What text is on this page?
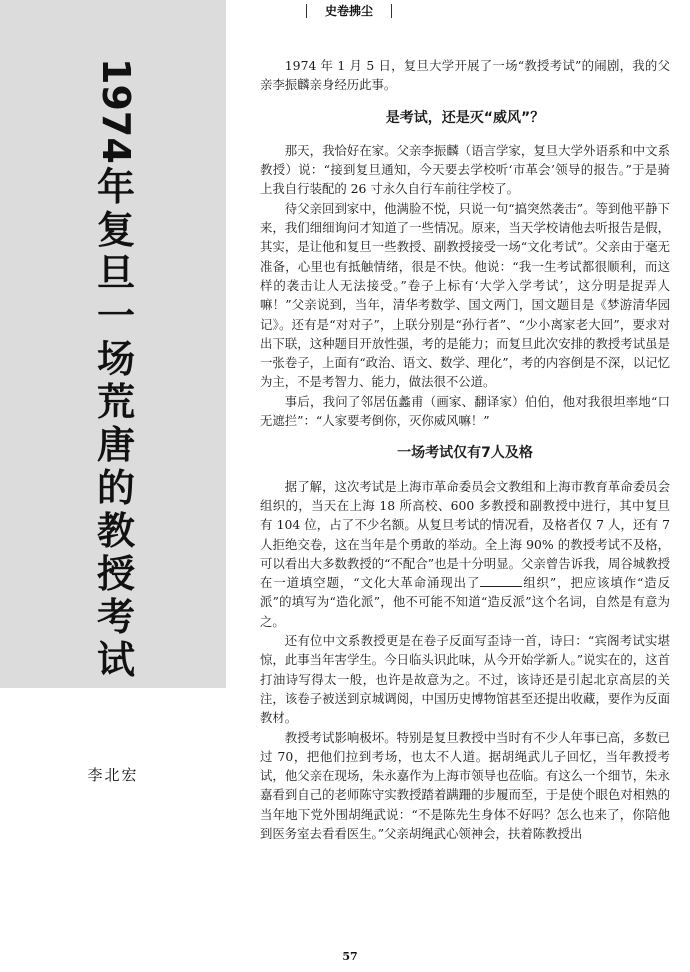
1974
年
复
旦
一
场
荒
唐
的
教
授
考
试
李北宏
史卷拂尘

1974 年 1 月 5 日，复旦大学开展了一场“教授考试”的闹剧，我的父亲李振麟亲身经历此事。

是考试，还是灭“威风”？

那天，我恰好在家。父亲李振麟（语言学家，复旦大学外语系和中文系教授）说：“接到复旦通知，今天要去学校听‘市革会’领导的报告。”于是骑上我自行装配的 26 寸永久自行车前往学校了。

待父亲回到家中，他满脸不悦，只说一句“搞突然袭击”。等到他平静下来，我们细细询问才知道了一些情况。原来，当天学校请他去听报告是假，其实，是让他和复旦一些教授、副教授接受一场“文化考试”。父亲由于毫无准备，心里也有抵触情绪，很是不快。他说：“我一生考试都很顺利，而这样的袭击让人无法接受。”卷子上标有‘大学入学考试’，这分明是捉弄人嘛！”父亲说到，当年，清华考数学、国文两门，国文题目是《梦游清华园记》。还有是“对对子”，上联分别是“孙行者”、“少小离家老大回”，要求对出下联，这种题目开放性强，考的是能力；而复旦此次安排的教授考试虽是一张卷子，上面有“政治、语文、数学、理化”，考的内容倒是不深，以记忆为主，不是考智力、能力，做法很不公道。

事后，我问了邻居伍蠡甫（画家、翻译家）伯伯，他对我很坦率地“口无遮拦”：“人家要考倒你，灭你威风嘛！”

一场考试仅有7人及格

据了解，这次考试是上海市革命委员会文教组和上海市教育革命委员会组织的，当天在上海 18 所高校、600 多教授和副教授中进行，其中复旦有 104 位，占了不少名额。从复旦考试的情况看，及格者仅 7 人，还有 7 人拒绝交卷，这在当年是个勇敢的举动。全上海 90% 的教授考试不及格，可以看出大多数教授的“不配合”也是十分明显。父亲曾告诉我，周谷城教授在一道填空题，“文化大革命涌现出了	组织”，把应该填作“造反派”的填写为“造化派”，他不可能不知道“造反派”这个名词，自然是有意为之。

还有位中文系教授更是在卷子反面写歪诗一首，诗曰：“宾阁考试实堪惊，此事当年害学生。今日临头识此味，从今开始学新人。”说实在的，这首打油诗写得太一般，也许是故意为之。不过，该诗还是引起北京高层的关注，该卷子被送到京城调阅，中国历史博物馆甚至还提出收藏，要作为反面教材。

教授考试影响极坏。特别是复旦教授中当时有不少人年事已高，多数已过 70，把他们拉到考场，也太不人道。据胡绳武儿子回忆，当年教授考试，他父亲在现场，朱永嘉作为上海市领导也莅临。有这么一个细节，朱永嘉看到自己的老师陈守实教授踏着蹒跚的步履而至，于是使个眼色对相熟的当年地下党外围胡绳武说：“不是陈先生身体不好吗？怎么也来了，你陪他到医务室去看看医生。”父亲胡绳武心领神会，扶着陈教授出

57
